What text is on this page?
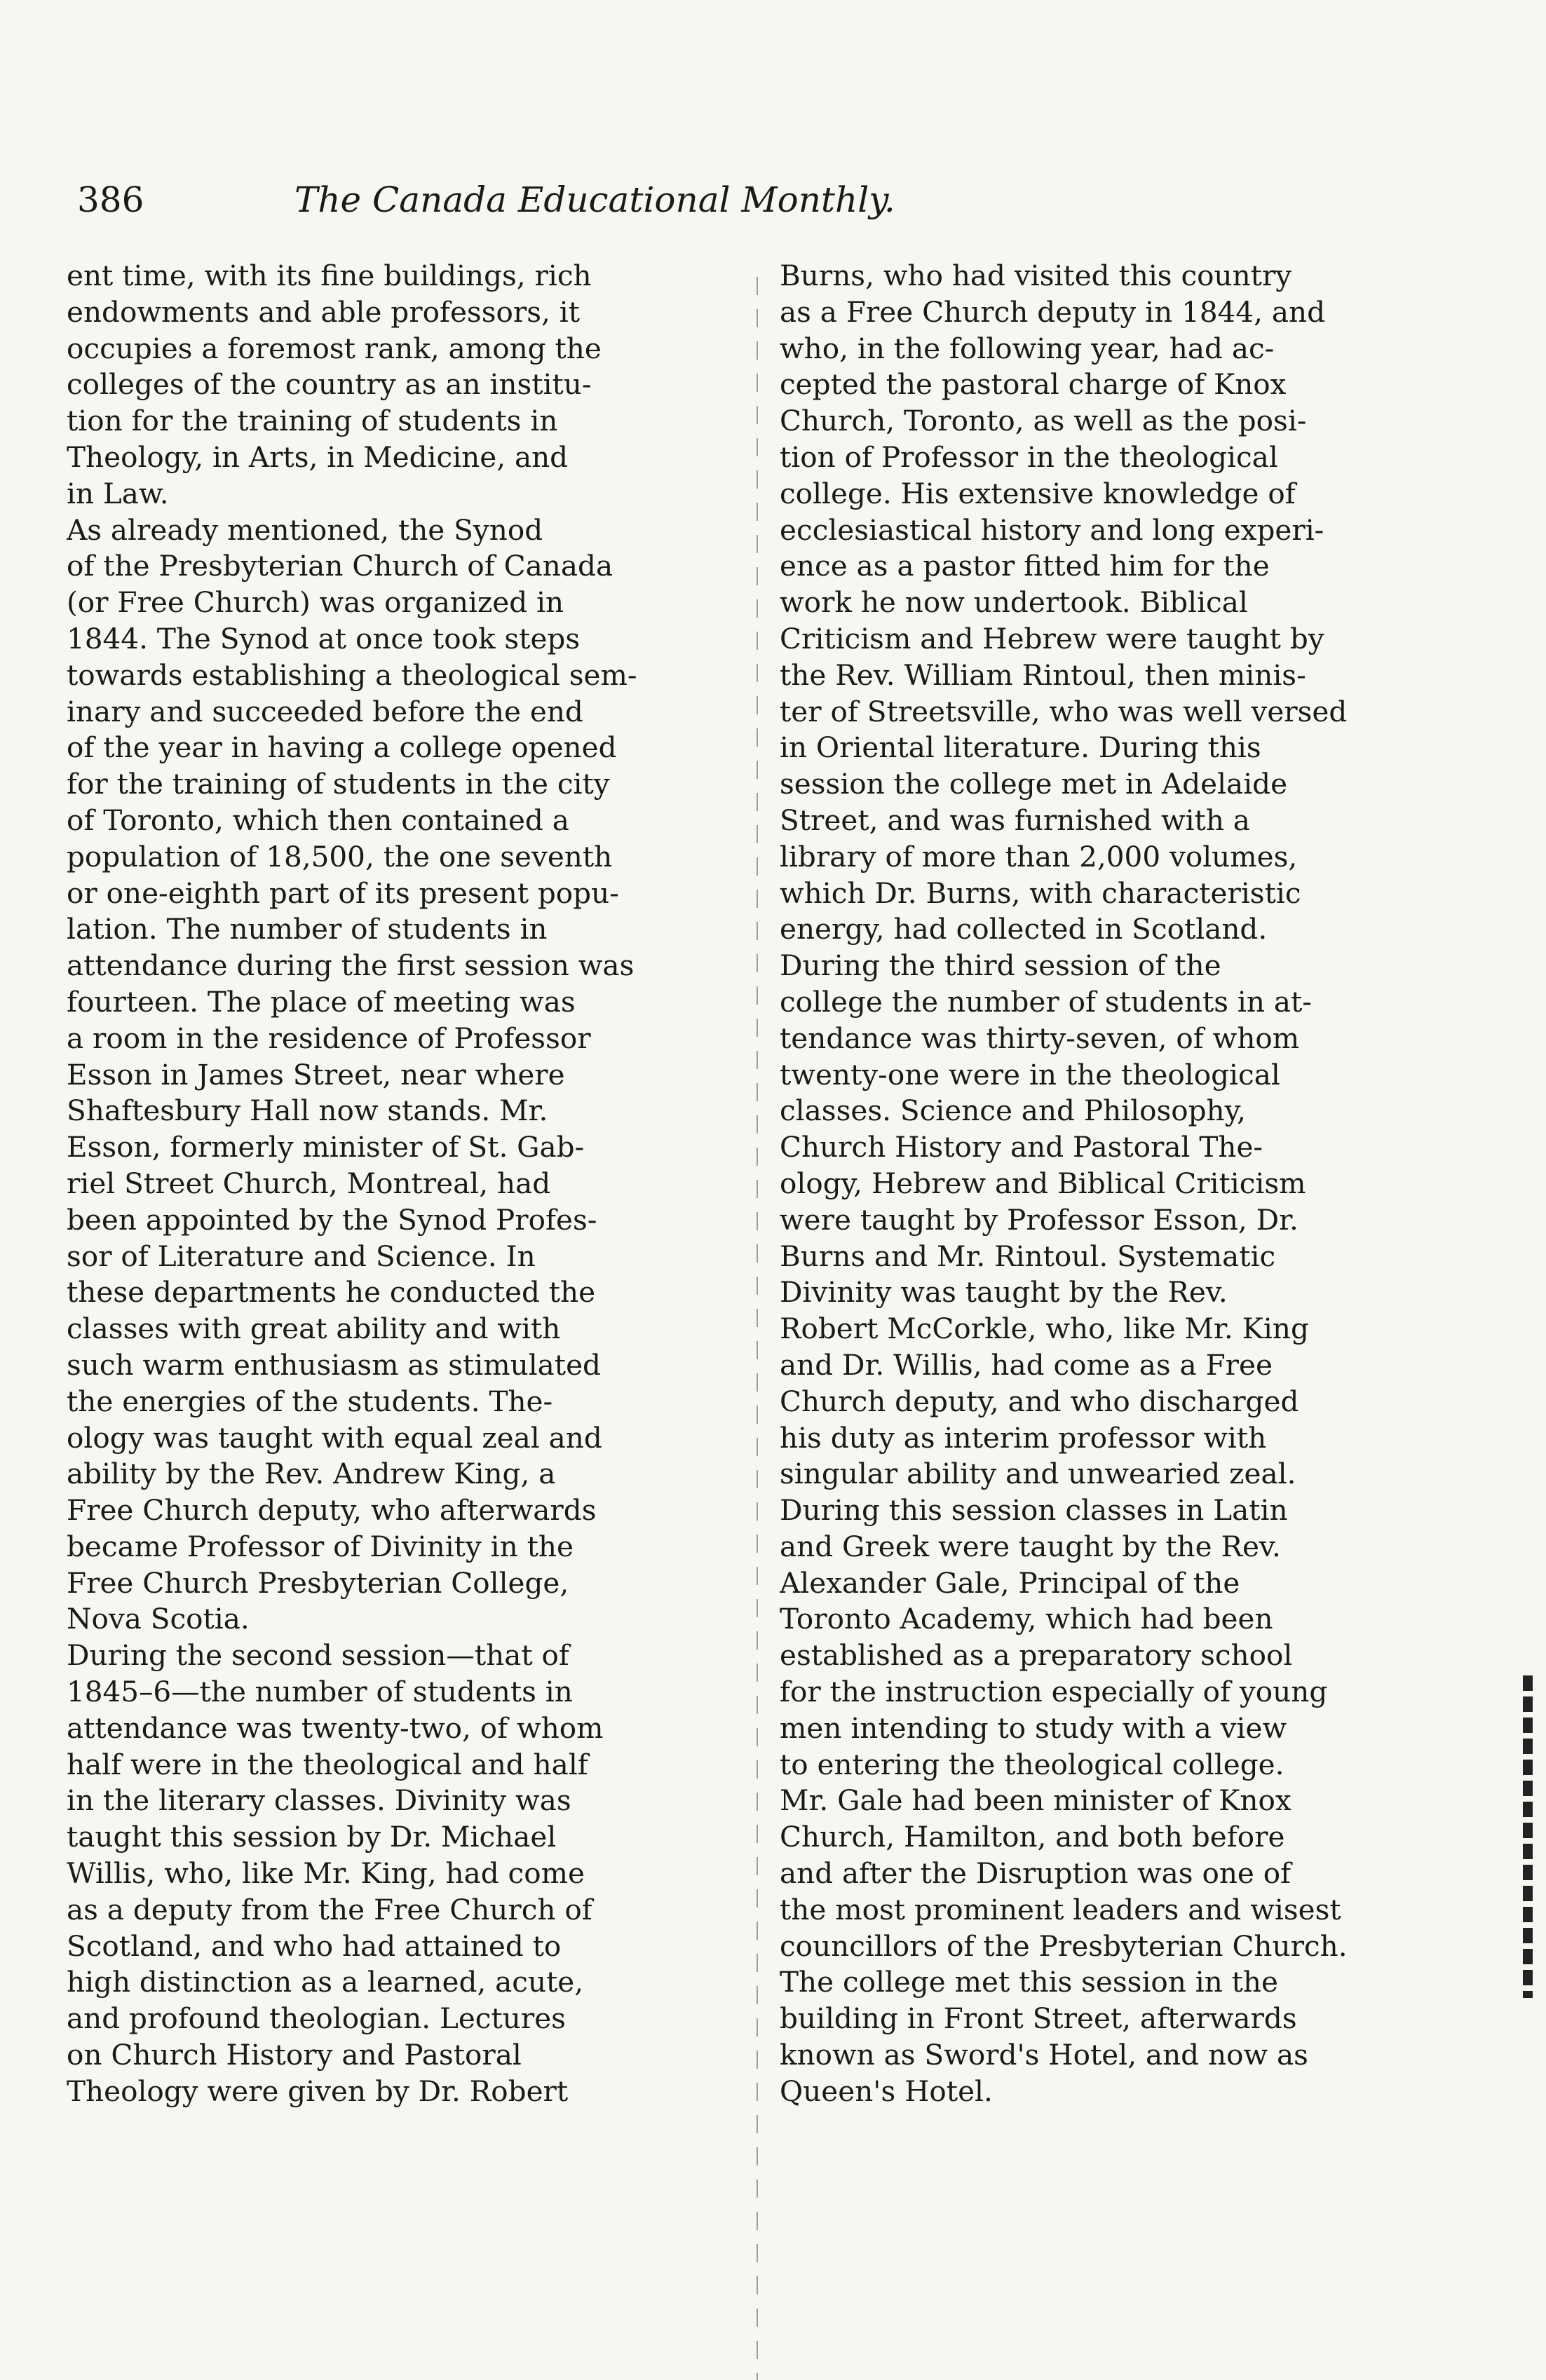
386	The Canada Educational Monthly.
ent time, with its fine buildings, rich
endowments and able professors, it
occupies a foremost rank, among the
colleges of the country as an institu-
tion for the training of students in
Theology, in Arts, in Medicine, and
in Law.
As already mentioned, the Synod
of the Presbyterian Church of Canada
(or Free Church) was organized in
1844. The Synod at once took steps
towards establishing a theological sem-
inary and succeeded before the end
of the year in having a college opened
for the training of students in the city
of Toronto, which then contained a
population of 18,500, the one seventh
or one-eighth part of its present popu-
lation. The number of students in
attendance during the first session was
fourteen. The place of meeting was
a room in the residence of Professor
Esson in James Street, near where
Shaftesbury Hall now stands. Mr.
Esson, formerly minister of St. Gab-
riel Street Church, Montreal, had
been appointed by the Synod Profes-
sor of Literature and Science. In
these departments he conducted the
classes with great ability and with
such warm enthusiasm as stimulated
the energies of the students. The-
ology was taught with equal zeal and
ability by the Rev. Andrew King, a
Free Church deputy, who afterwards
became Professor of Divinity in the
Free Church Presbyterian College,
Nova Scotia.
During the second session—that of
1845–6—the number of students in
attendance was twenty-two, of whom
half were in the theological and half
in the literary classes. Divinity was
taught this session by Dr. Michael
Willis, who, like Mr. King, had come
as a deputy from the Free Church of
Scotland, and who had attained to
high distinction as a learned, acute,
and profound theologian. Lectures
on Church History and Pastoral
Theology were given by Dr. Robert
Burns, who had visited this country
as a Free Church deputy in 1844, and
who, in the following year, had ac-
cepted the pastoral charge of Knox
Church, Toronto, as well as the posi-
tion of Professor in the theological
college. His extensive knowledge of
ecclesiastical history and long experi-
ence as a pastor fitted him for the
work he now undertook. Biblical
Criticism and Hebrew were taught by
the Rev. William Rintoul, then minis-
ter of Streetsville, who was well versed
in Oriental literature. During this
session the college met in Adelaide
Street, and was furnished with a
library of more than 2,000 volumes,
which Dr. Burns, with characteristic
energy, had collected in Scotland.
During the third session of the
college the number of students in at-
tendance was thirty-seven, of whom
twenty-one were in the theological
classes. Science and Philosophy,
Church History and Pastoral The-
ology, Hebrew and Biblical Criticism
were taught by Professor Esson, Dr.
Burns and Mr. Rintoul. Systematic
Divinity was taught by the Rev.
Robert McCorkle, who, like Mr. King
and Dr. Willis, had come as a Free
Church deputy, and who discharged
his duty as interim professor with
singular ability and unwearied zeal.
During this session classes in Latin
and Greek were taught by the Rev.
Alexander Gale, Principal of the
Toronto Academy, which had been
established as a preparatory school
for the instruction especially of young
men intending to study with a view
to entering the theological college.
Mr. Gale had been minister of Knox
Church, Hamilton, and both before
and after the Disruption was one of
the most prominent leaders and wisest
councillors of the Presbyterian Church.
The college met this session in the
building in Front Street, afterwards
known as Sword's Hotel, and now as
Queen's Hotel.
